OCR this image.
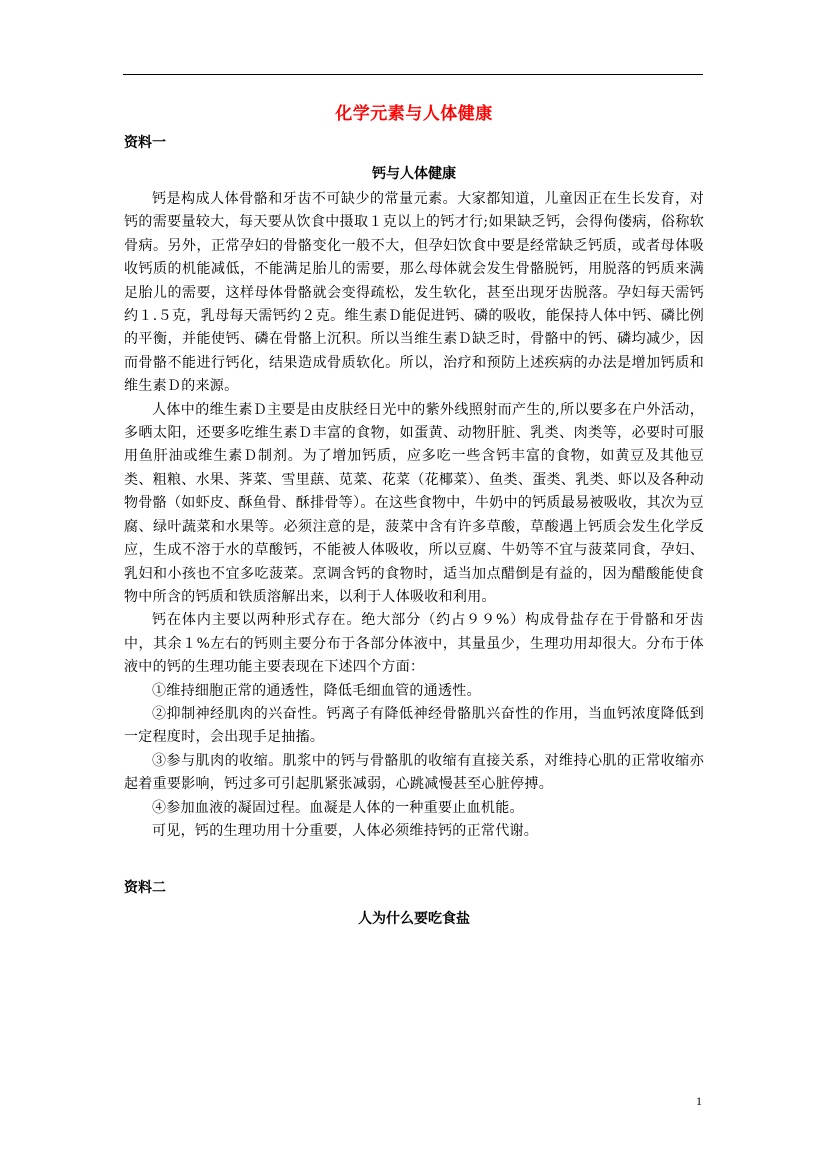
化学元素与人体健康
资料一
钙与人体健康

钙是构成人体骨骼和牙齿不可缺少的常量元素。大家都知道，儿童因正在生长发育，对钙的需要量较大，每天要从饮食中摄取１克以上的钙才行;如果缺乏钙，会得佝偻病，俗称软骨病。另外，正常孕妇的骨骼变化一般不大，但孕妇饮食中要是经常缺乏钙质，或者母体吸收钙质的机能减低，不能满足胎儿的需要，那么母体就会发生骨骼脱钙，用脱落的钙质来满足胎儿的需要，这样母体骨骼就会变得疏松，发生软化，甚至出现牙齿脱落。孕妇每天需钙约１.５克，乳母每天需钙约２克。维生素Ｄ能促进钙、磷的吸收，能保持人体中钙、磷比例的平衡，并能使钙、磷在骨骼上沉积。所以当维生素Ｄ缺乏时，骨骼中的钙、磷均减少，因而骨骼不能进行钙化，结果造成骨质软化。所以，治疗和预防上述疾病的办法是增加钙质和维生素Ｄ的来源。

人体中的维生素Ｄ主要是由皮肤经日光中的紫外线照射而产生的,所以要多在户外活动，多晒太阳，还要多吃维生素Ｄ丰富的食物，如蛋黄、动物肝脏、乳类、肉类等，必要时可服用鱼肝油或维生素Ｄ制剂。为了增加钙质，应多吃一些含钙丰富的食物，如黄豆及其他豆类、粗粮、水果、荠菜、雪里蕻、苋菜、花菜（花椰菜）、鱼类、蛋类、乳类、虾以及各种动物骨骼（如虾皮、酥鱼骨、酥排骨等）。在这些食物中，牛奶中的钙质最易被吸收，其次为豆腐、绿叶蔬菜和水果等。必须注意的是，菠菜中含有许多草酸，草酸遇上钙质会发生化学反应，生成不溶于水的草酸钙，不能被人体吸收，所以豆腐、牛奶等不宜与菠菜同食，孕妇、乳妇和小孩也不宜多吃菠菜。烹调含钙的食物时，适当加点醋倒是有益的，因为醋酸能使食物中所含的钙质和铁质溶解出来，以利于人体吸收和利用。

钙在体内主要以两种形式存在。绝大部分（约占９９%）构成骨盐存在于骨骼和牙齿中，其余１%左右的钙则主要分布于各部分体液中，其量虽少，生理功用却很大。分布于体液中的钙的生理功能主要表现在下述四个方面：

①维持细胞正常的通透性，降低毛细血管的通透性。

②抑制神经肌肉的兴奋性。钙离子有降低神经骨骼肌兴奋性的作用，当血钙浓度降低到一定程度时，会出现手足抽搐。

③参与肌肉的收缩。肌浆中的钙与骨骼肌的收缩有直接关系，对维持心肌的正常收缩亦起着重要影响，钙过多可引起肌紧张减弱，心跳减慢甚至心脏停搏。

④参加血液的凝固过程。血凝是人体的一种重要止血机能。

可见，钙的生理功用十分重要，人体必须维持钙的正常代谢。

资料二
人为什么要吃食盐
1
